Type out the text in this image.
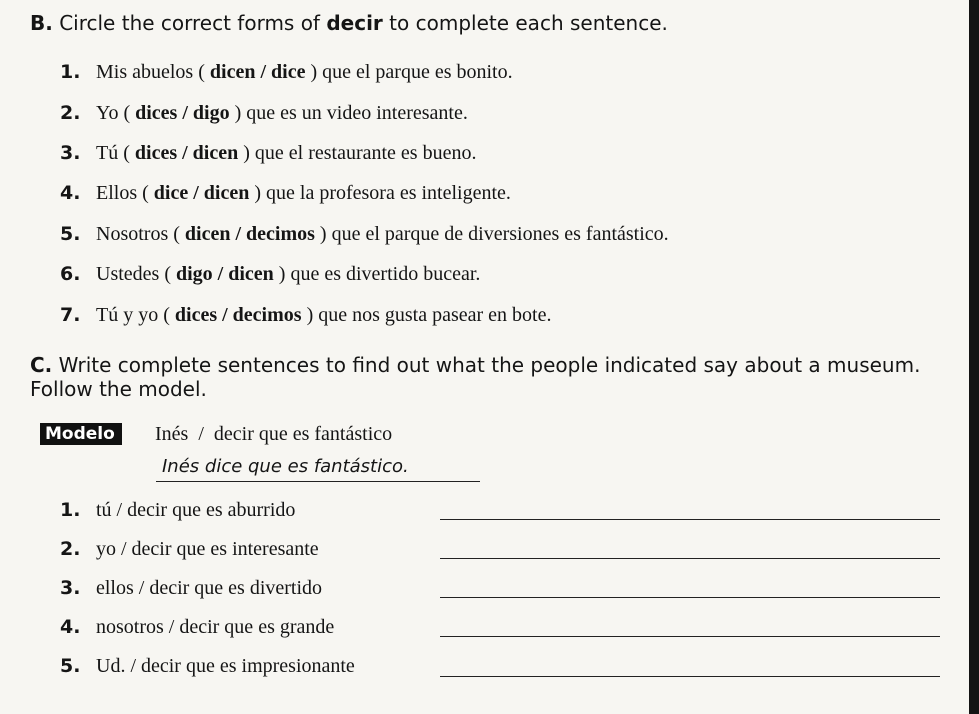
B. Circle the correct forms of decir to complete each sentence.
1. Mis abuelos ( dicen / dice ) que el parque es bonito.
2. Yo ( dices / digo ) que es un video interesante.
3. Tú ( dices / dicen ) que el restaurante es bueno.
4. Ellos ( dice / dicen ) que la profesora es inteligente.
5. Nosotros ( dicen / decimos ) que el parque de diversiones es fantástico.
6. Ustedes ( digo / dicen ) que es divertido bucear.
7. Tú y yo ( dices / decimos ) que nos gusta pasear en bote.
C. Write complete sentences to find out what the people indicated say about a museum.
Follow the model.
Modelo	Inés  /  decir que es fantástico
Inés dice que es fantástico.
1. tú / decir que es aburrido
2. yo / decir que es interesante
3. ellos / decir que es divertido
4. nosotros / decir que es grande
5. Ud. / decir que es impresionante
